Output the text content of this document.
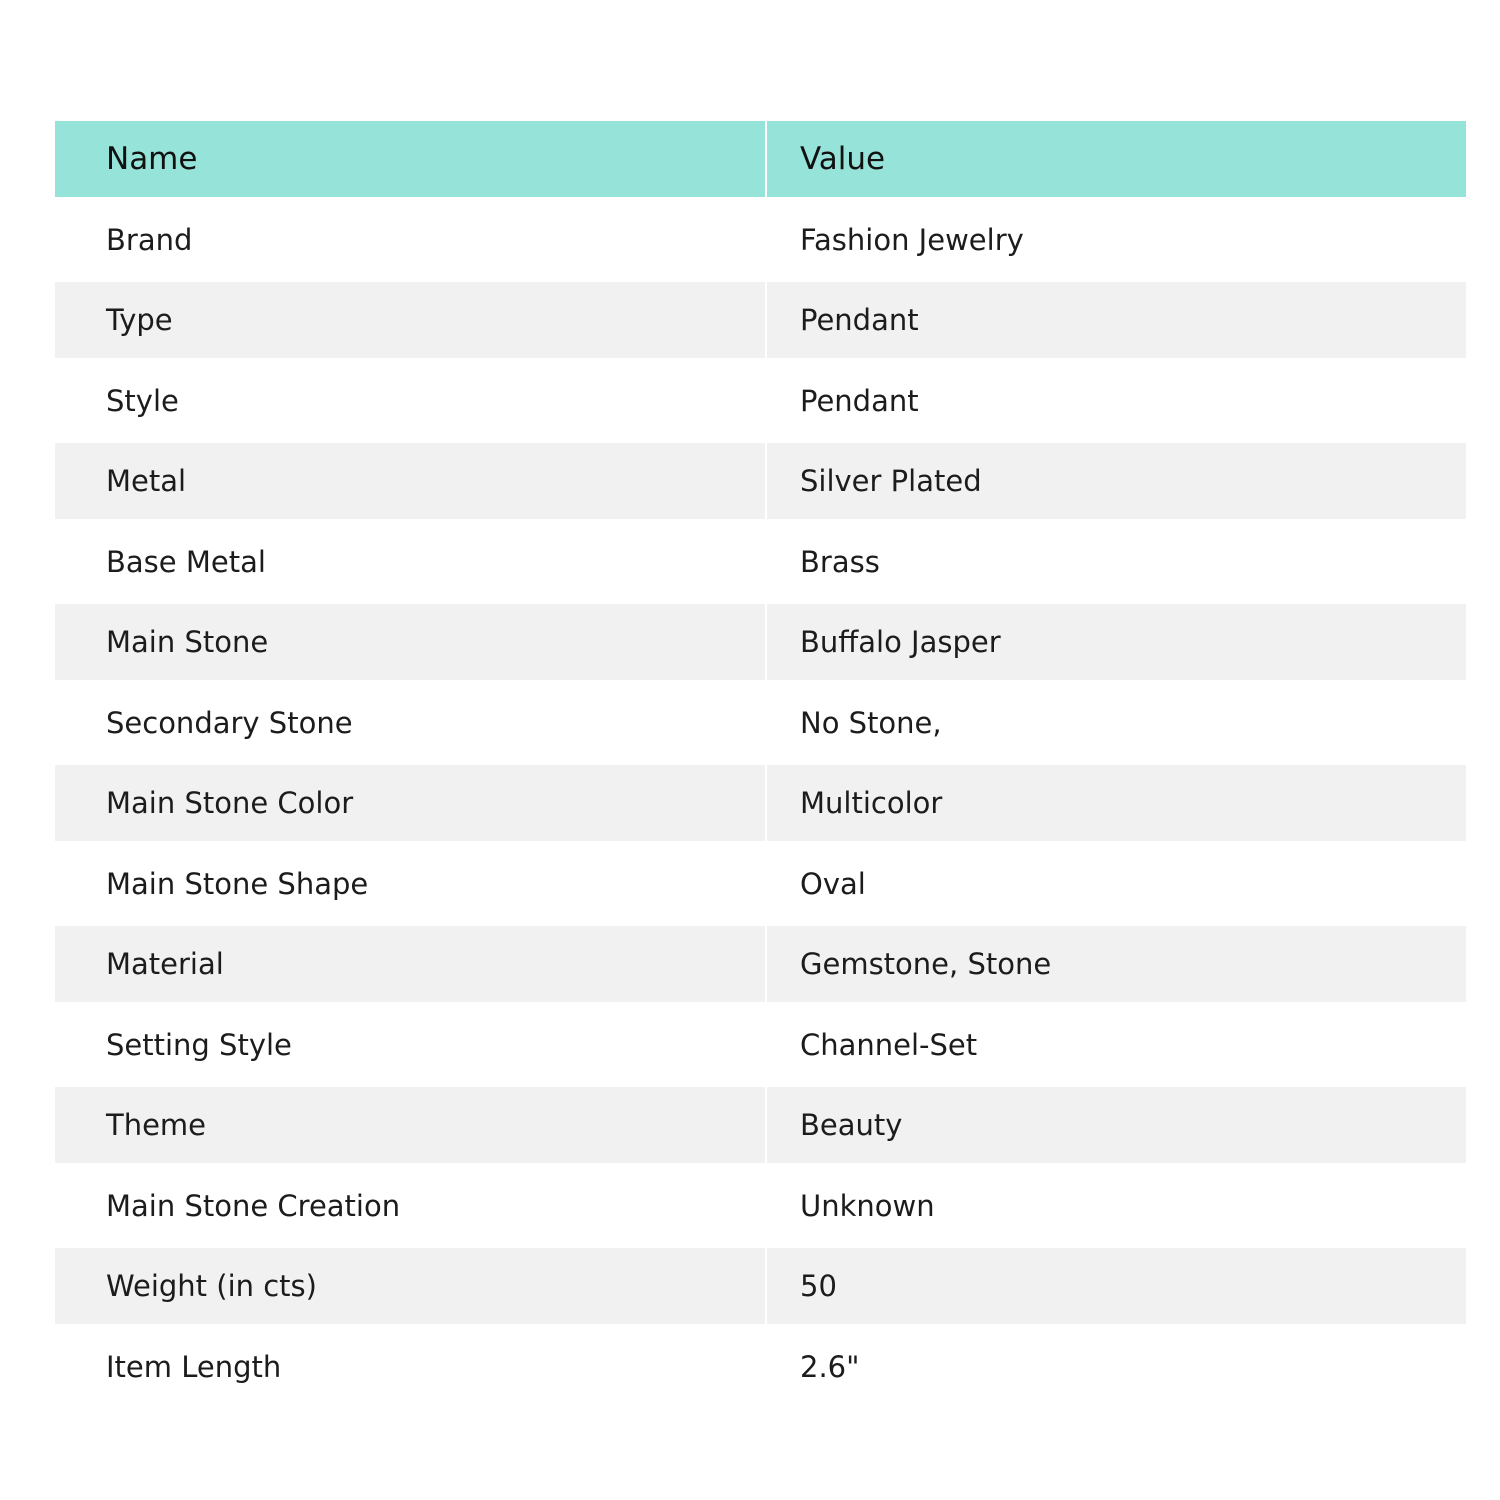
Name	Value
Brand	Fashion Jewelry
Type	Pendant
Style	Pendant
Metal	Silver Plated
Base Metal	Brass
Main Stone	Buffalo Jasper
Secondary Stone	No Stone,
Main Stone Color	Multicolor
Main Stone Shape	Oval
Material	Gemstone, Stone
Setting Style	Channel-Set
Theme	Beauty
Main Stone Creation	Unknown
Weight (in cts)	50
Item Length	2.6"
